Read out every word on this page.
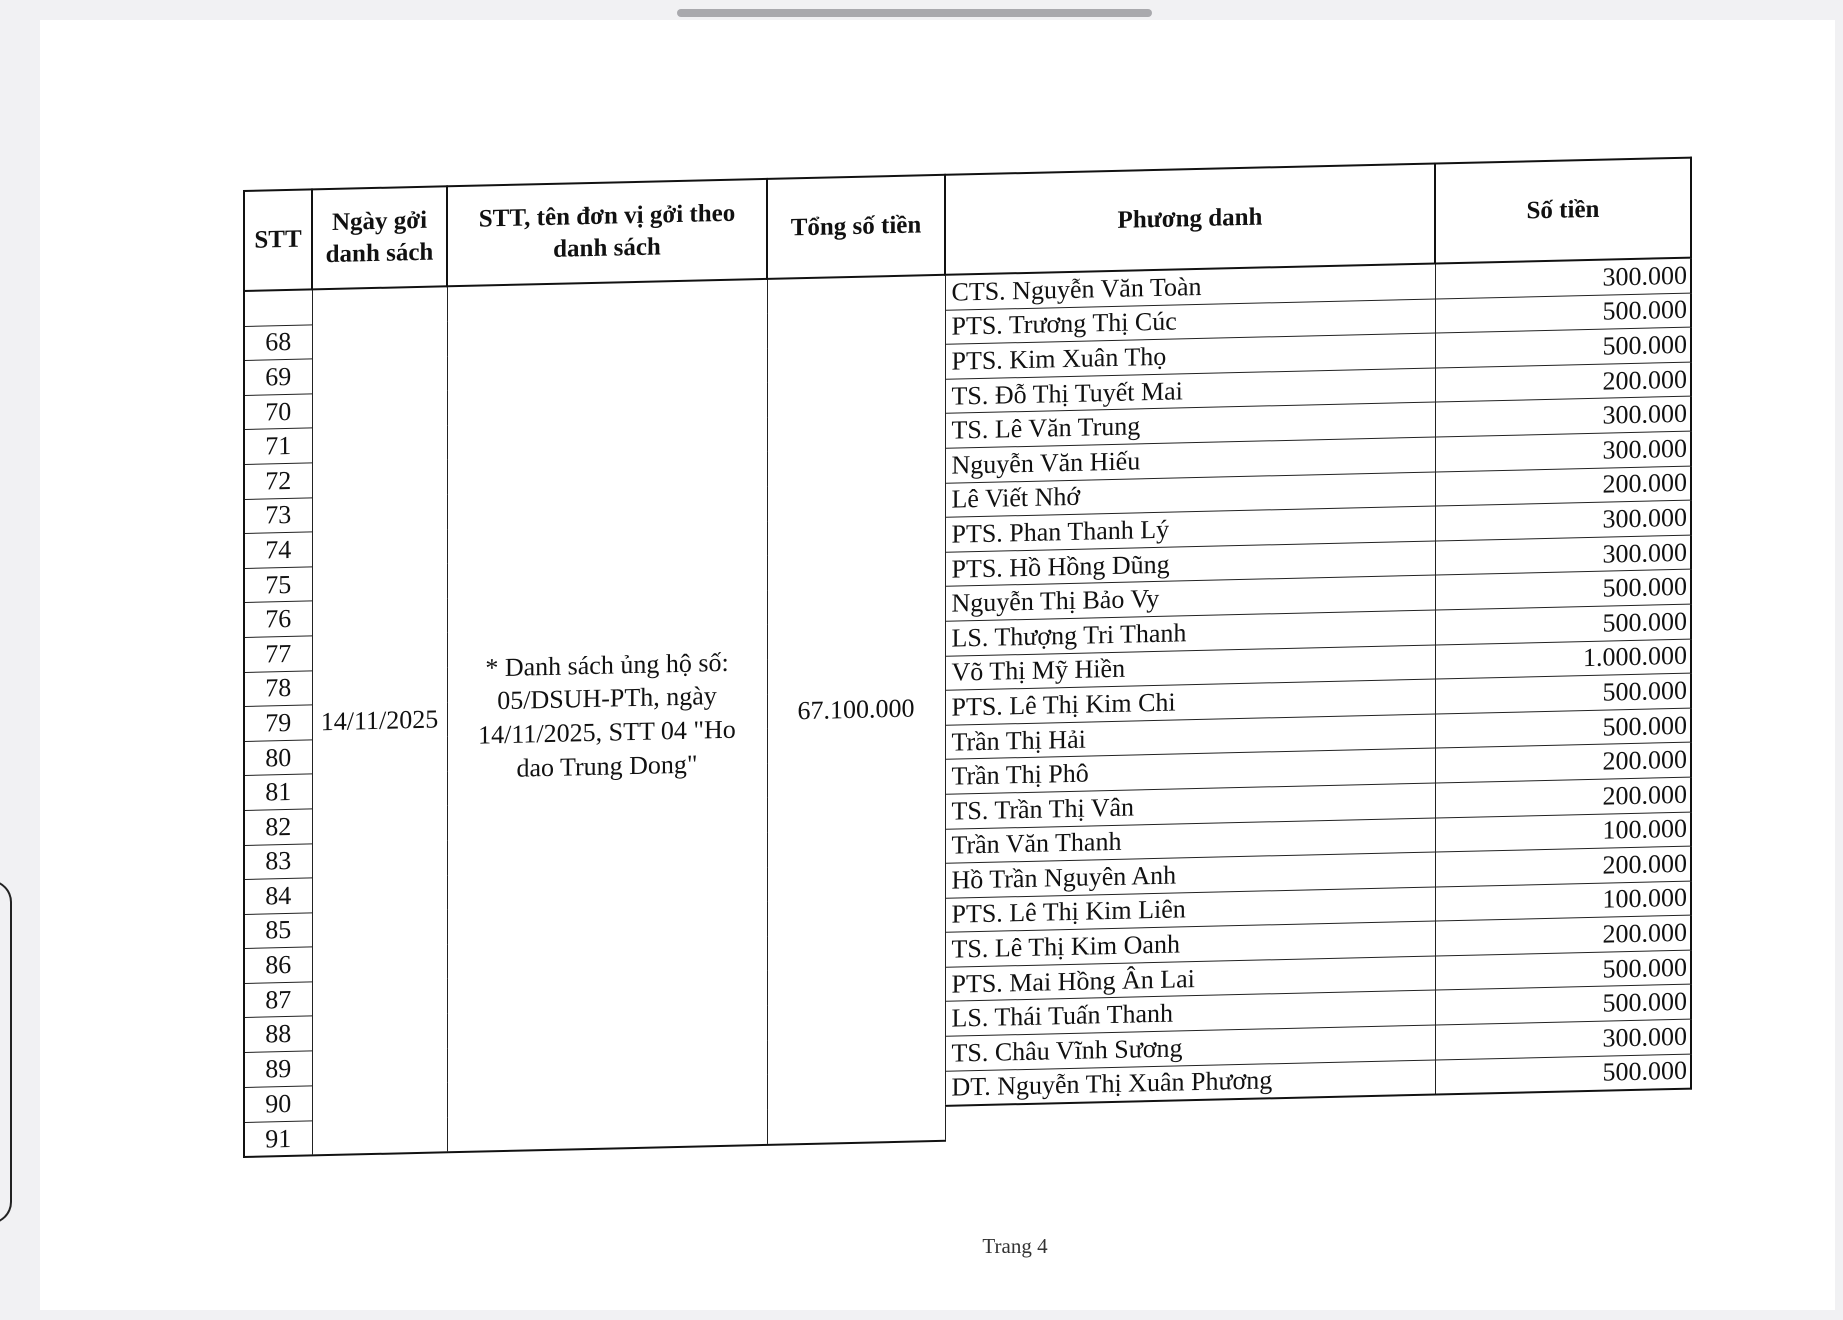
STT	Ngày gởi danh sách	STT, tên đơn vị gởi theo danh sách	Tổng số tiền	Phương danh	Số tiền
	14/11/2025	* Danh sách ủng hộ số: 05/DSUH-PTh, ngày 14/11/2025, STT 04 "Ho dao Trung Dong"	67.100.000	CTS. Nguyễn Văn Toàn	300.000
68				PTS. Trương Thị Cúc	500.000
69				PTS. Kim Xuân Thọ	500.000
70				TS. Đỗ Thị Tuyết Mai	200.000
71				TS. Lê Văn Trung	300.000
72				Nguyễn Văn Hiếu	300.000
73				Lê Viết Nhớ	200.000
74				PTS. Phan Thanh Lý	300.000
75				PTS. Hồ Hồng Dũng	300.000
76				Nguyễn Thị Bảo Vy	500.000
77				LS. Thượng Tri Thanh	500.000
78				Võ Thị Mỹ Hiền	1.000.000
79				PTS. Lê Thị Kim Chi	500.000
80				Trần Thị Hải	500.000
81				Trần Thị Phô	200.000
82				TS. Trần Thị Vân	200.000
83				Trần Văn Thanh	100.000
84				Hồ Trần Nguyên Anh	200.000
85				PTS. Lê Thị Kim Liên	100.000
86				TS. Lê Thị Kim Oanh	200.000
87				PTS. Mai Hồng Ân Lai	500.000
88				LS. Thái Tuấn Thanh	500.000
89				TS. Châu Vĩnh Sương	300.000
90				DT. Nguyễn Thị Xuân Phương	500.000
91					
Trang 4
